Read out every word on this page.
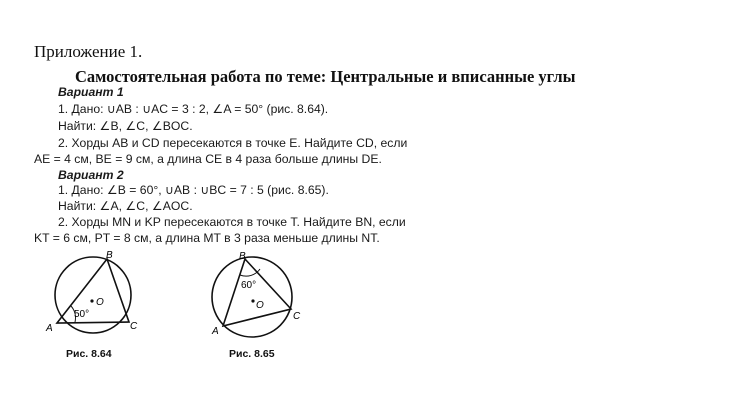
Приложение 1.
Самостоятельная работа по теме: Центральные и вписанные углы
Вариант 1
1. Дано: ∪AB : ∪AC = 3 : 2, ∠A = 50° (рис. 8.64).
Найти: ∠B, ∠C, ∠BOC.
2. Хорды AB и CD пересекаются в точке E. Найдите CD, если
AE = 4 см, BE = 9 см, а длина CE в 4 раза больше длины DE.
Вариант 2
1. Дано: ∠B = 60°, ∪AB : ∪BC = 7 : 5 (рис. 8.65).
Найти: ∠A, ∠C, ∠AOC.
2. Хорды MN и KP пересекаются в точке T. Найдите BN, если
KT = 6 см, PT = 8 см, а длина MT в 3 раза меньше длины NT.
O
50°
B
A	C
Рис. 8.64
O
60°
B
A
C
Рис. 8.65
